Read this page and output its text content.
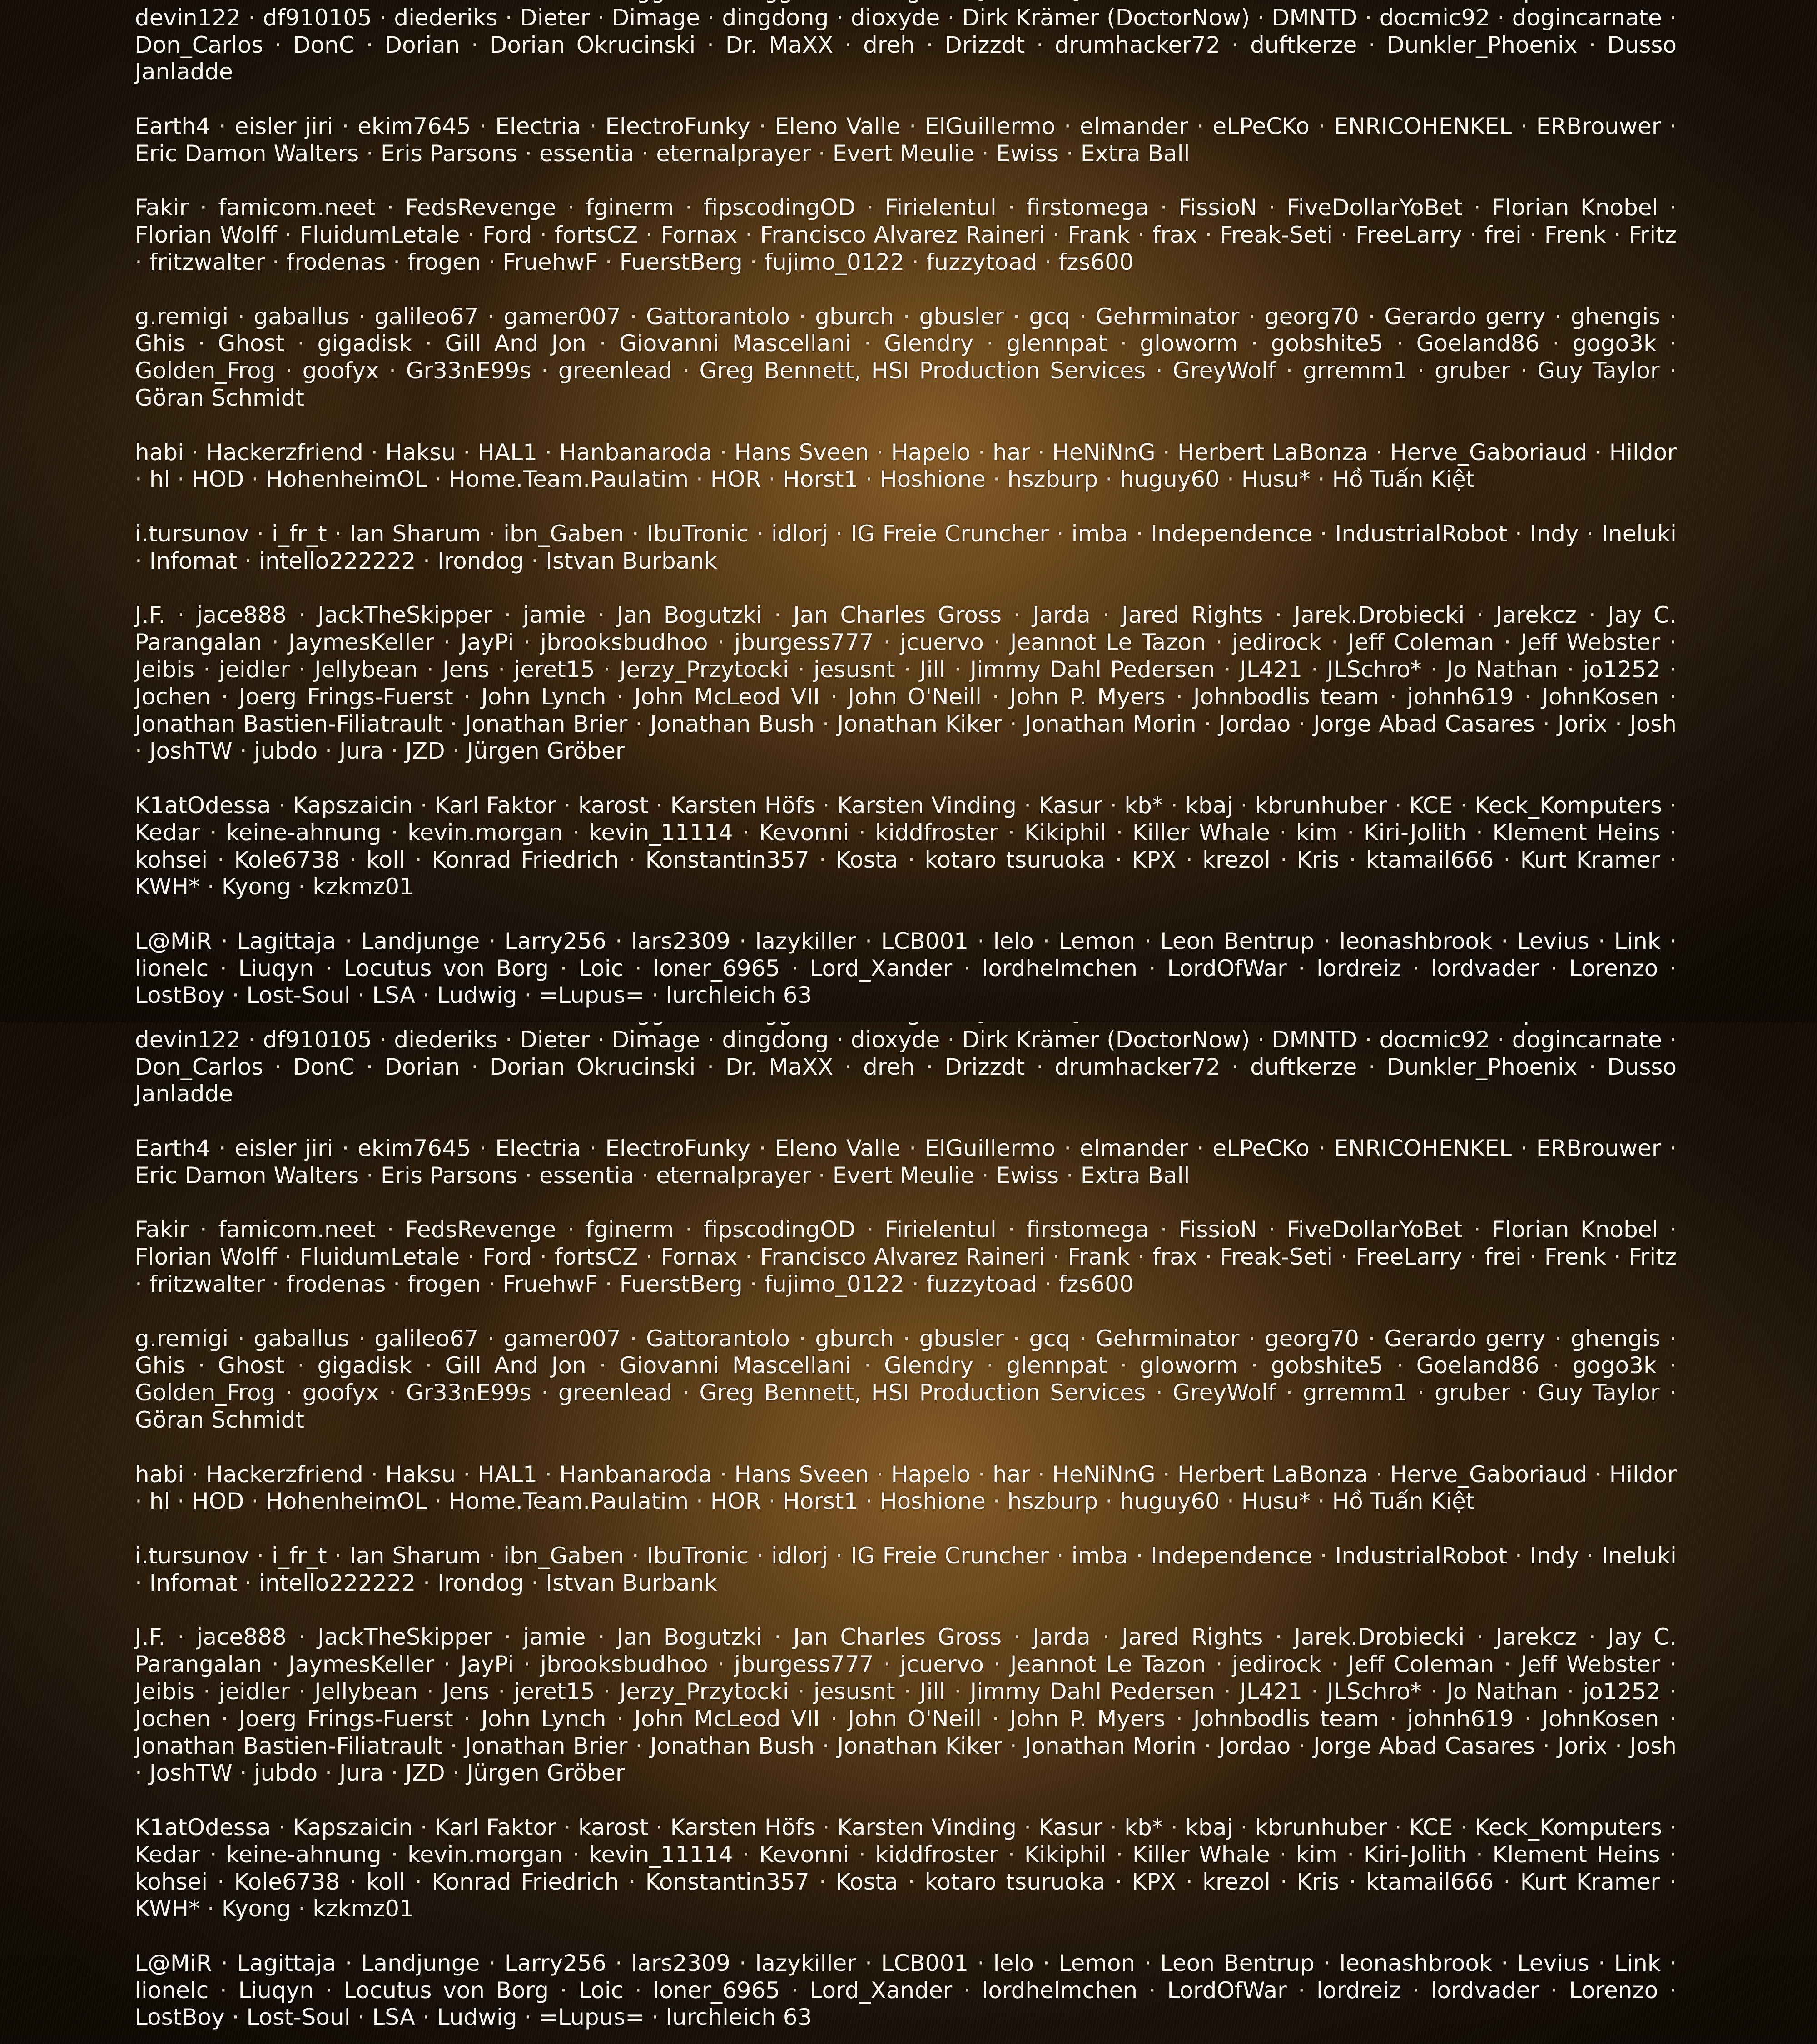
devin122 · df910105 · diederiks · Dieter · Dimage · dingdong · dioxyde · Dirk Krämer (DoctorNow) · DMNTD · docmic92 · dogincarnate · Don_Carlos · DonC · Dorian · Dorian Okrucinski · Dr. MaXX · dreh · Drizzdt · drumhacker72 · duftkerze · Dunkler_Phoenix · Dusso Janladde

Earth4 · eisler jiri · ekim7645 · Electria · ElectroFunky · Eleno Valle · ElGuillermo · elmander · eLPeCKo · ENRICOHENKEL · ERBrouwer · Eric Damon Walters · Eris Parsons · essentia · eternalprayer · Evert Meulie · Ewiss · Extra Ball

Fakir · famicom.neet · FedsRevenge · fginerm · fipscodingOD · Firielentul · firstomega · FissioN · FiveDollarYoBet · Florian Knobel · Florian Wolff · FluidumLetale · Ford · fortsCZ · Fornax · Francisco Alvarez Raineri · Frank · frax · Freak-Seti · FreeLarry · frei · Frenk · Fritz · fritzwalter · frodenas · frogen · FruehwF · FuerstBerg · fujimo_0122 · fuzzytoad · fzs600

g.remigi · gaballus · galileo67 · gamer007 · Gattorantolo · gburch · gbusler · gcq · Gehrminator · georg70 · Gerardo gerry · ghengis · Ghis · Ghost · gigadisk · Gill And Jon · Giovanni Mascellani · Glendry · glennpat · gloworm · gobshite5 · Goeland86 · gogo3k · Golden_Frog · goofyx · Gr33nE99s · greenlead · Greg Bennett, HSI Production Services · GreyWolf · grremm1 · gruber · Guy Taylor · Göran Schmidt

habi · Hackerzfriend · Haksu · HAL1 · Hanbanaroda · Hans Sveen · Hapelo · har · HeNiNnG · Herbert LaBonza · Herve_Gaboriaud · Hildor · hl · HOD · HohenheimOL · Home.Team.Paulatim · HOR · Horst1 · Hoshione · hszburp · huguy60 · Husu* · Hồ Tuấn Kiệt

i.tursunov · i_fr_t · Ian Sharum · ibn_Gaben · IbuTronic · idlorj · IG Freie Cruncher · imba · Independence · IndustrialRobot · Indy · Ineluki · Infomat · intello222222 · Irondog · Istvan Burbank

J.F. · jace888 · JackTheSkipper · jamie · Jan Bogutzki · Jan Charles Gross · Jarda · Jared Rights · Jarek.Drobiecki · Jarekcz · Jay C. Parangalan · JaymesKeller · JayPi · jbrooksbudhoo · jburgess777 · jcuervo · Jeannot Le Tazon · jedirock · Jeff Coleman · Jeff Webster · Jeibis · jeidler · Jellybean · Jens · jeret15 · Jerzy_Przytocki · jesusnt · Jill · Jimmy Dahl Pedersen · JL421 · JLSchro* · Jo Nathan · jo1252 · Jochen · Joerg Frings-Fuerst · John Lynch · John McLeod VII · John O'Neill · John P. Myers · Johnbodlis team · johnh619 · JohnKosen · Jonathan Bastien-Filiatrault · Jonathan Brier · Jonathan Bush · Jonathan Kiker · Jonathan Morin · Jordao · Jorge Abad Casares · Jorix · Josh · JoshTW · jubdo · Jura · JZD · Jürgen Gröber

K1atOdessa · Kapszaicin · Karl Faktor · karost · Karsten Höfs · Karsten Vinding · Kasur · kb* · kbaj · kbrunhuber · KCE · Keck_Komputers · Kedar · keine-ahnung · kevin.morgan · kevin_11114 · Kevonni · kiddfroster · Kikiphil · Killer Whale · kim · Kiri-Jolith · Klement Heins · kohsei · Kole6738 · koll · Konrad Friedrich · Konstantin357 · Kosta · kotaro tsuruoka · KPX · krezol · Kris · ktamail666 · Kurt Kramer · KWH* · Kyong · kzkmz01

L@MiR · Lagittaja · Landjunge · Larry256 · lars2309 · lazykiller · LCB001 · lelo · Lemon · Leon Bentrup · leonashbrook · Levius · Link · lionelc · Liuqyn · Locutus von Borg · Loic · loner_6965 · Lord_Xander · lordhelmchen · LordOfWar · lordreiz · lordvader · Lorenzo · LostBoy · Lost-Soul · LSA · Ludwig · =Lupus= · lurchleich 63

devin122 · df910105 · diederiks · Dieter · Dimage · dingdong · dioxyde · Dirk Krämer (DoctorNow) · DMNTD · docmic92 · dogincarnate · Don_Carlos · DonC · Dorian · Dorian Okrucinski · Dr. MaXX · dreh · Drizzdt · drumhacker72 · duftkerze · Dunkler_Phoenix · Dusso Janladde

Earth4 · eisler jiri · ekim7645 · Electria · ElectroFunky · Eleno Valle · ElGuillermo · elmander · eLPeCKo · ENRICOHENKEL · ERBrouwer · Eric Damon Walters · Eris Parsons · essentia · eternalprayer · Evert Meulie · Ewiss · Extra Ball

Fakir · famicom.neet · FedsRevenge · fginerm · fipscodingOD · Firielentul · firstomega · FissioN · FiveDollarYoBet · Florian Knobel · Florian Wolff · FluidumLetale · Ford · fortsCZ · Fornax · Francisco Alvarez Raineri · Frank · frax · Freak-Seti · FreeLarry · frei · Frenk · Fritz · fritzwalter · frodenas · frogen · FruehwF · FuerstBerg · fujimo_0122 · fuzzytoad · fzs600

g.remigi · gaballus · galileo67 · gamer007 · Gattorantolo · gburch · gbusler · gcq · Gehrminator · georg70 · Gerardo gerry · ghengis · Ghis · Ghost · gigadisk · Gill And Jon · Giovanni Mascellani · Glendry · glennpat · gloworm · gobshite5 · Goeland86 · gogo3k · Golden_Frog · goofyx · Gr33nE99s · greenlead · Greg Bennett, HSI Production Services · GreyWolf · grremm1 · gruber · Guy Taylor · Göran Schmidt

habi · Hackerzfriend · Haksu · HAL1 · Hanbanaroda · Hans Sveen · Hapelo · har · HeNiNnG · Herbert LaBonza · Herve_Gaboriaud · Hildor · hl · HOD · HohenheimOL · Home.Team.Paulatim · HOR · Horst1 · Hoshione · hszburp · huguy60 · Husu* · Hồ Tuấn Kiệt

i.tursunov · i_fr_t · Ian Sharum · ibn_Gaben · IbuTronic · idlorj · IG Freie Cruncher · imba · Independence · IndustrialRobot · Indy · Ineluki · Infomat · intello222222 · Irondog · Istvan Burbank

J.F. · jace888 · JackTheSkipper · jamie · Jan Bogutzki · Jan Charles Gross · Jarda · Jared Rights · Jarek.Drobiecki · Jarekcz · Jay C. Parangalan · JaymesKeller · JayPi · jbrooksbudhoo · jburgess777 · jcuervo · Jeannot Le Tazon · jedirock · Jeff Coleman · Jeff Webster · Jeibis · jeidler · Jellybean · Jens · jeret15 · Jerzy_Przytocki · jesusnt · Jill · Jimmy Dahl Pedersen · JL421 · JLSchro* · Jo Nathan · jo1252 · Jochen · Joerg Frings-Fuerst · John Lynch · John McLeod VII · John O'Neill · John P. Myers · Johnbodlis team · johnh619 · JohnKosen · Jonathan Bastien-Filiatrault · Jonathan Brier · Jonathan Bush · Jonathan Kiker · Jonathan Morin · Jordao · Jorge Abad Casares · Jorix · Josh · JoshTW · jubdo · Jura · JZD · Jürgen Gröber

K1atOdessa · Kapszaicin · Karl Faktor · karost · Karsten Höfs · Karsten Vinding · Kasur · kb* · kbaj · kbrunhuber · KCE · Keck_Komputers · Kedar · keine-ahnung · kevin.morgan · kevin_11114 · Kevonni · kiddfroster · Kikiphil · Killer Whale · kim · Kiri-Jolith · Klement Heins · kohsei · Kole6738 · koll · Konrad Friedrich · Konstantin357 · Kosta · kotaro tsuruoka · KPX · krezol · Kris · ktamail666 · Kurt Kramer · KWH* · Kyong · kzkmz01

L@MiR · Lagittaja · Landjunge · Larry256 · lars2309 · lazykiller · LCB001 · lelo · Lemon · Leon Bentrup · leonashbrook · Levius · Link · lionelc · Liuqyn · Locutus von Borg · Loic · loner_6965 · Lord_Xander · lordhelmchen · LordOfWar · lordreiz · lordvader · Lorenzo · LostBoy · Lost-Soul · LSA · Ludwig · =Lupus= · lurchleich 63
